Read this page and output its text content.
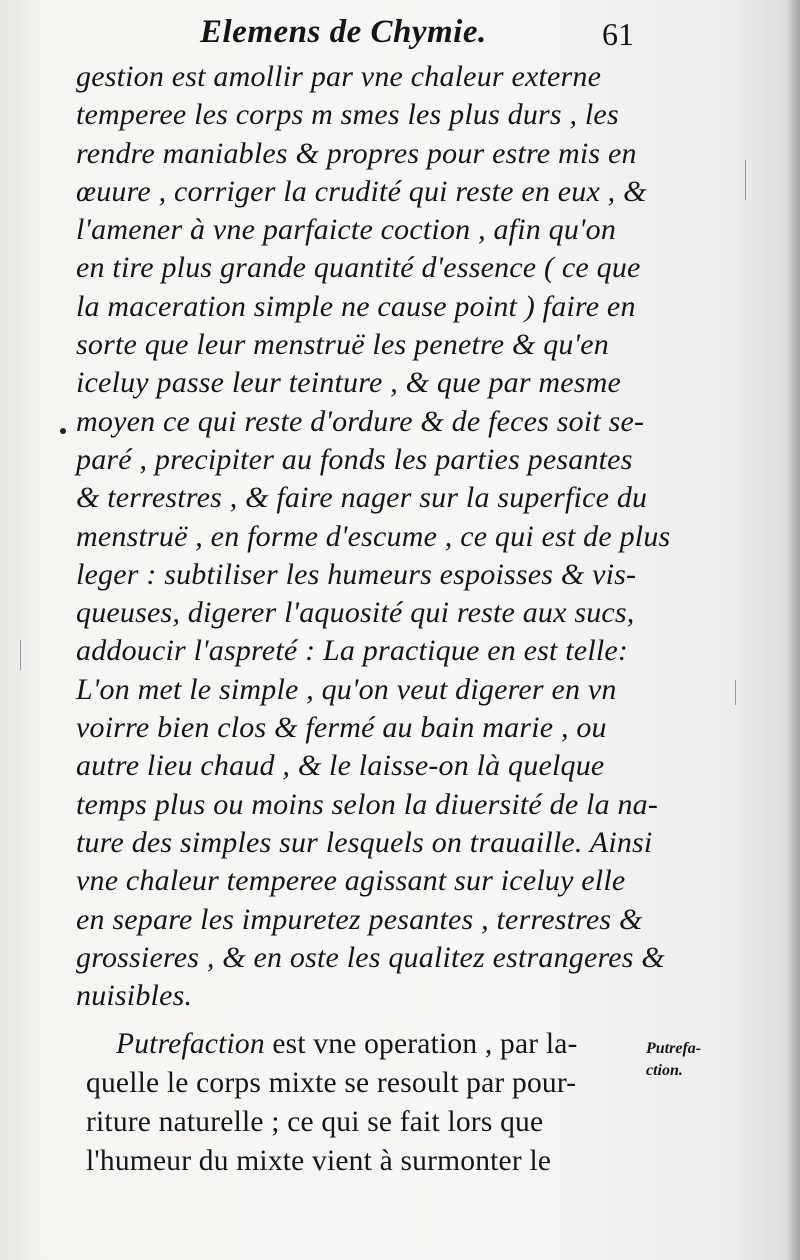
Elemens de Chymie.	61
gestion est amollir par vne chaleur externe
temperee les corps m smes les plus durs , les
rendre maniables & propres pour estre mis en
œuure , corriger la crudité qui reste en eux , &
l'amener à vne parfaicte coction , afin qu'on
en tire plus grande quantité d'essence ( ce que
la maceration simple ne cause point ) faire en
sorte que leur menstruë les penetre & qu'en
iceluy passe leur teinture , & que par mesme
moyen ce qui reste d'ordure & de feces soit se-
paré , precipiter au fonds les parties pesantes
& terrestres , & faire nager sur la superfice du
menstruë , en forme d'escume , ce qui est de plus
leger : subtiliser les humeurs espoisses & vis-
queuses, digerer l'aquosité qui reste aux sucs,
addoucir l'aspreté : La practique en est telle:
L'on met le simple , qu'on veut digerer en vn
voirre bien clos & fermé au bain marie , ou
autre lieu chaud , & le laisse-on là quelque
temps plus ou moins selon la diuersité de la na-
ture des simples sur lesquels on trauaille. Ainsi
vne chaleur temperee agissant sur iceluy elle
en separe les impuretez pesantes , terrestres &
grossieres , & en oste les qualitez estrangeres &
nuisibles.
Putrefaction est vne operation , par la-
quelle le corps mixte se resoult par pour-
riture naturelle ; ce qui se fait lors que
l'humeur du mixte vient à surmonter le
Putrefa-
ction.
